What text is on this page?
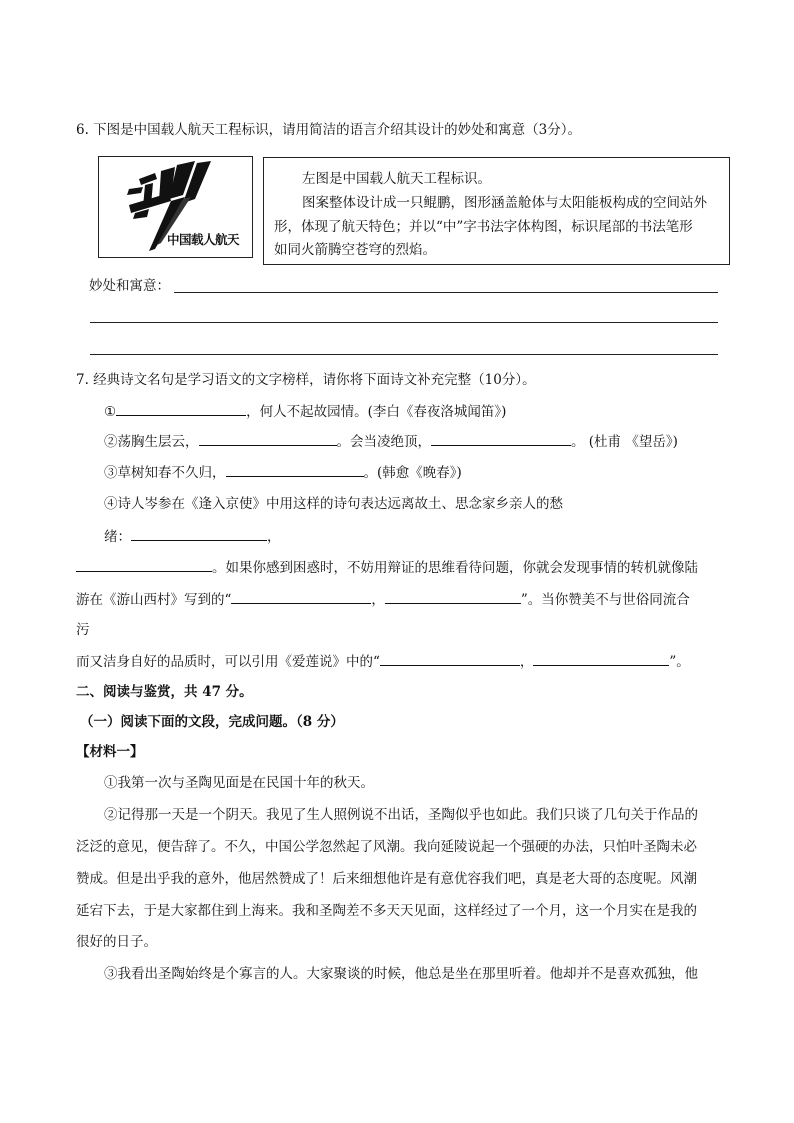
6. 下图是中国载人航天工程标识，请用简洁的语言介绍其设计的妙处和寓意（3分）。
中国载人航天
左图是中国载人航天工程标识。
图案整体设计成一只鲲鹏，图形涵盖舱体与太阳能板构成的空间站外
形，体现了航天特色；并以“中”字书法字体构图，标识尾部的书法笔形
如同火箭腾空苍穹的烈焰。
妙处和寓意：
7. 经典诗文名句是学习语文的文字榜样，请你将下面诗文补充完整（10分）。
①	，何人不起故园情。(李白《春夜洛城闻笛》)
②荡胸生层云，	。会当凌绝顶，	。 (杜甫 《望岳》)
③草树知春不久归，	。(韩愈《晚春》)
④诗人岑参在《逢入京使》中用这样的诗句表达远离故土、思念家乡亲人的愁
绪：	，
。如果你感到困惑时，不妨用辩证的思维看待问题，你就会发现事情的转机就像陆
游在《游山西村》写到的“	，	”。当你赞美不与世俗同流合
污
而又洁身自好的品质时，可以引用《爱莲说》中的“	，	”。
二、阅读与鉴赏，共 47 分。
（一）阅读下面的文段，完成问题。（8 分）
【材料一】
①我第一次与圣陶见面是在民国十年的秋天。
②记得那一天是一个阴天。我见了生人照例说不出话，圣陶似乎也如此。我们只谈了几句关于作品的
泛泛的意见，便告辞了。不久，中国公学忽然起了风潮。我向延陵说起一个强硬的办法，只怕叶圣陶未必
赞成。但是出乎我的意外，他居然赞成了！后来细想他许是有意优容我们吧，真是老大哥的态度呢。风潮
延宕下去，于是大家都住到上海来。我和圣陶差不多天天见面，这样经过了一个月，这一个月实在是我的
很好的日子。
③我看出圣陶始终是个寡言的人。大家聚谈的时候，他总是坐在那里听着。他却并不是喜欢孤独，他
